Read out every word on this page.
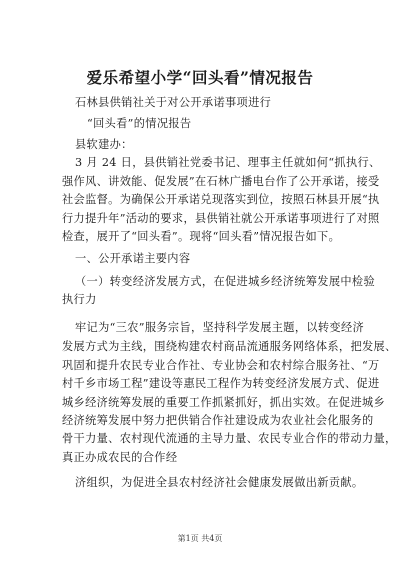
爱乐希望小学“回头看”情况报告
石林县供销社关于对公开承诺事项进行
“回头看”的情况报告
县软建办：
3 月 24 日，县供销社党委书记、理事主任就如何“抓执行、
强作风、讲效能、促发展”在石林广播电台作了公开承诺，接受
社会监督。为确保公开承诺兑现落实到位，按照石林县开展“执
行力提升年”活动的要求，县供销社就公开承诺事项进行了对照
检查，展开了“回头看”。现将“回头看”情况报告如下。
一、公开承诺主要内容
（一）转变经济发展方式，在促进城乡经济统筹发展中检验
执行力
牢记为“三农”服务宗旨，坚持科学发展主题，以转变经济
发展方式为主线，围绕构建农村商品流通服务网络体系，把发展、
巩固和提升农民专业合作社、专业协会和农村综合服务社、“万
村千乡市场工程”建设等惠民工程作为转变经济发展方式、促进
城乡经济统筹发展的重要工作抓紧抓好，抓出实效。在促进城乡
经济统筹发展中努力把供销合作社建设成为农业社会化服务的
骨干力量、农村现代流通的主导力量、农民专业合作的带动力量，
真正办成农民的合作经
济组织，为促进全县农村经济社会健康发展做出新贡献。
第1页 共4页
